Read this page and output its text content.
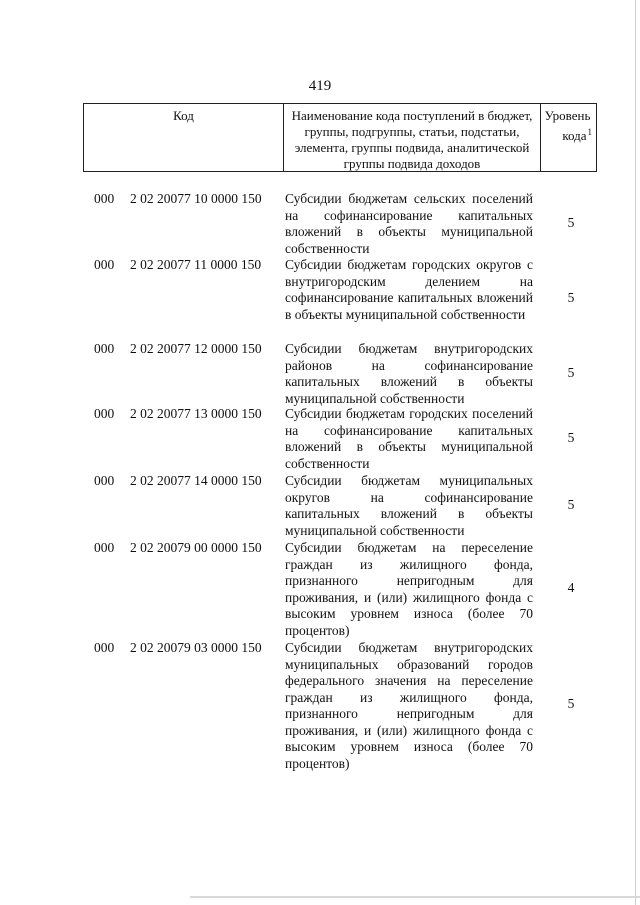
419
Код	Наименование кода поступлений в бюджет, группы, подгруппы, статьи, подстатьи, элемента, группы подвида, аналитической группы подвида доходов
Уровень
кода$^1$
000 2 02 20077 10 0000 150 Субсидии бюджетам сельских поселений на софинансирование капитальных вложений в объекты муниципальной собственности
5
000 2 02 20077 11 0000 150 Субсидии бюджетам городских округов с внутригородским делением на софинансирование капитальных вложений в объекты муниципальной собственности
5
000 2 02 20077 12 0000 150 Субсидии бюджетам внутригородских районов на софинансирование капитальных вложений в объекты муниципальной собственности
5
000 2 02 20077 13 0000 150 Субсидии бюджетам городских поселений на софинансирование капитальных вложений в объекты муниципальной собственности
5
000 2 02 20077 14 0000 150 Субсидии бюджетам муниципальных округов на софинансирование капитальных вложений в объекты муниципальной собственности
5
000 2 02 20079 00 0000 150 Субсидии бюджетам на переселение граждан из жилищного фонда, признанного непригодным для проживания, и (или) жилищного фонда с высоким уровнем износа (более 70 процентов)
4
000 2 02 20079 03 0000 150 Субсидии бюджетам внутригородских муниципальных образований городов федерального значения на переселение граждан из жилищного фонда, признанного непригодным для проживания, и (или) жилищного фонда с высоким уровнем износа (более 70 процентов)
5
